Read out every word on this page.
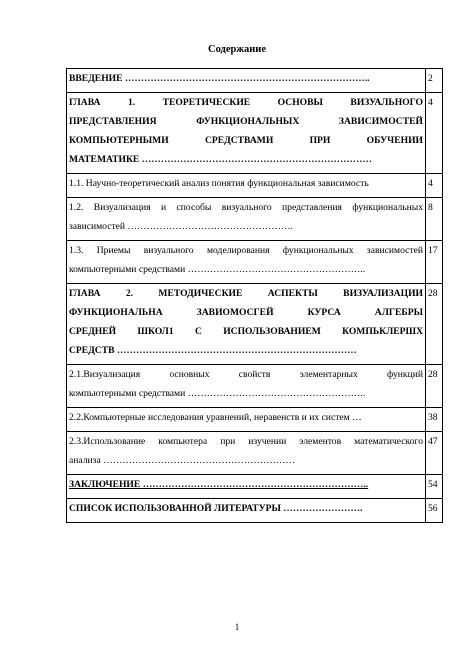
Содержание
ВВЕДЕНИЕ …………………………………………………………………..	2

ГЛАВА 1. ТЕОРЕТИЧЕСКИЕ ОСНОВЫ ВИЗУАЛЬНОГО
ПРЕДСТАВЛЕНИЯ ФУНКЦИОНАЛЬНЫХ ЗАВИСИМОСТЕЙ
КОМПЬЮТЕРНЫМИ СРЕДСТВАМИ ПРИ ОБУЧЕНИИ
МАТЕМАТИКЕ ………………………………………………………………	4

1.1. Научно-теоретический анализ понятия функциональная зависимость	4

1.2. Визуализация и способы визуального представления функциональных
зависимостей …………………………………………….	8

1.3. Приемы визуального моделирования функциональных зависимостей
компьютерными средствами ………………………………………………..	17

ГЛАВА 2. МЕТОДИЧЕСКИЕ АСПЕКТЫ ВИЗУАЛИЗАЦИИ
ФУНКЦИОНАЛЬНА ЗАВИОМОСГЕЙ КУРСА АЛГЕБРЫ
СРЕДНЕЙ ШКОЛ1 С ИСПОЛЬЗОВАНИЕМ КОМПЬКЛЕРШХ
СРЕДСТВ …………………………………………………………………	28

2.1.Визуализация основных свойств элементарных функций
компьютерными средствами ………………………………………………..	28

2.2.Компьютерные исследования уравнений, неравенств и их систем …	38

2.3.Использование компьютера при изучении элементов математического
анализа ……………………………………………………	47

ЗАКЛЮЧЕНИЕ ……………………………………………………………..	54

СПИСОК ИСПОЛЬЗОВАННОЙ ЛИТЕРАТУРЫ …………………….	56
1
